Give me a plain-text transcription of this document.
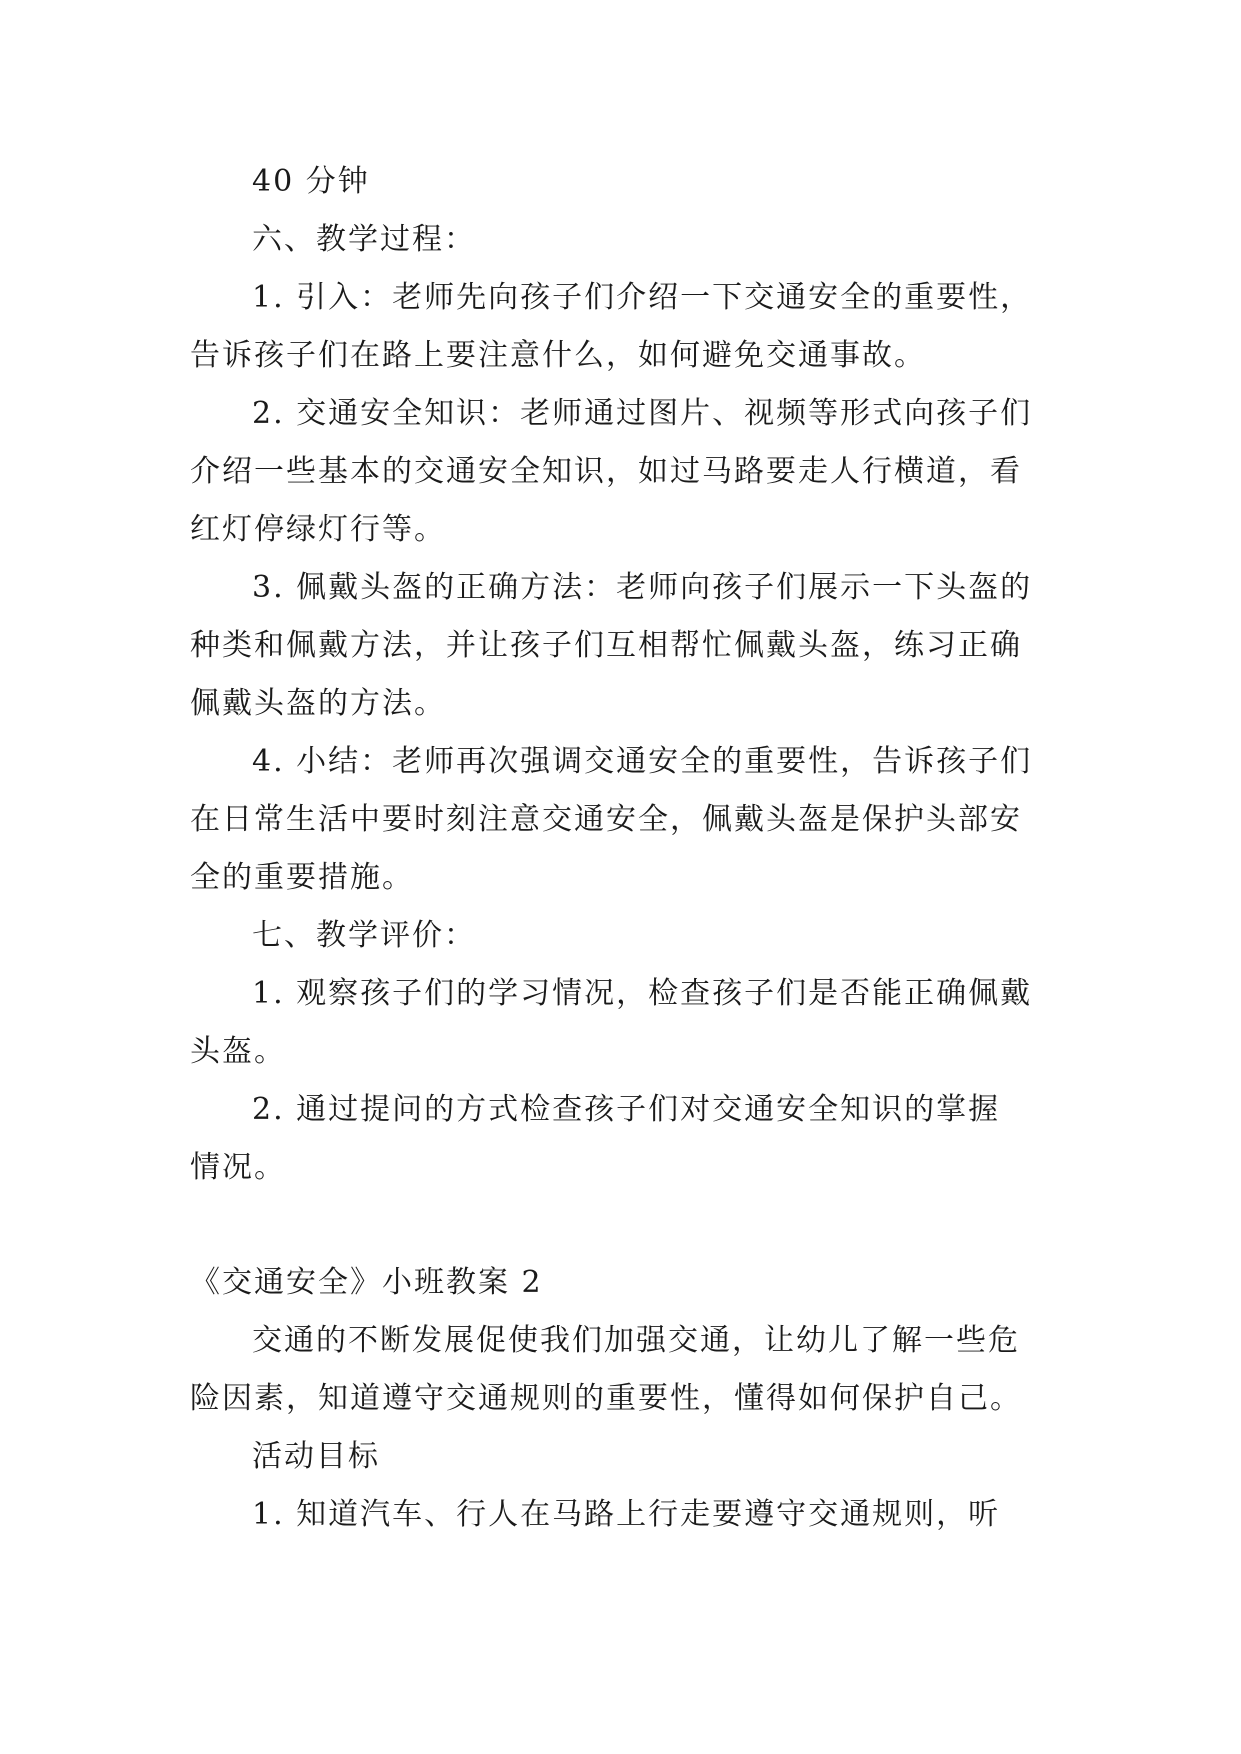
40 分钟
六、教学过程：
1. 引入：老师先向孩子们介绍一下交通安全的重要性，
告诉孩子们在路上要注意什么，如何避免交通事故。
2. 交通安全知识：老师通过图片、视频等形式向孩子们
介绍一些基本的交通安全知识，如过马路要走人行横道，看
红灯停绿灯行等。
3. 佩戴头盔的正确方法：老师向孩子们展示一下头盔的
种类和佩戴方法，并让孩子们互相帮忙佩戴头盔，练习正确
佩戴头盔的方法。
4. 小结：老师再次强调交通安全的重要性，告诉孩子们
在日常生活中要时刻注意交通安全，佩戴头盔是保护头部安
全的重要措施。
七、教学评价：
1. 观察孩子们的学习情况，检查孩子们是否能正确佩戴
头盔。
2. 通过提问的方式检查孩子们对交通安全知识的掌握
情况。
《交通安全》小班教案 2
交通的不断发展促使我们加强交通，让幼儿了解一些危
险因素，知道遵守交通规则的重要性，懂得如何保护自己。
活动目标
1. 知道汽车、行人在马路上行走要遵守交通规则，听
